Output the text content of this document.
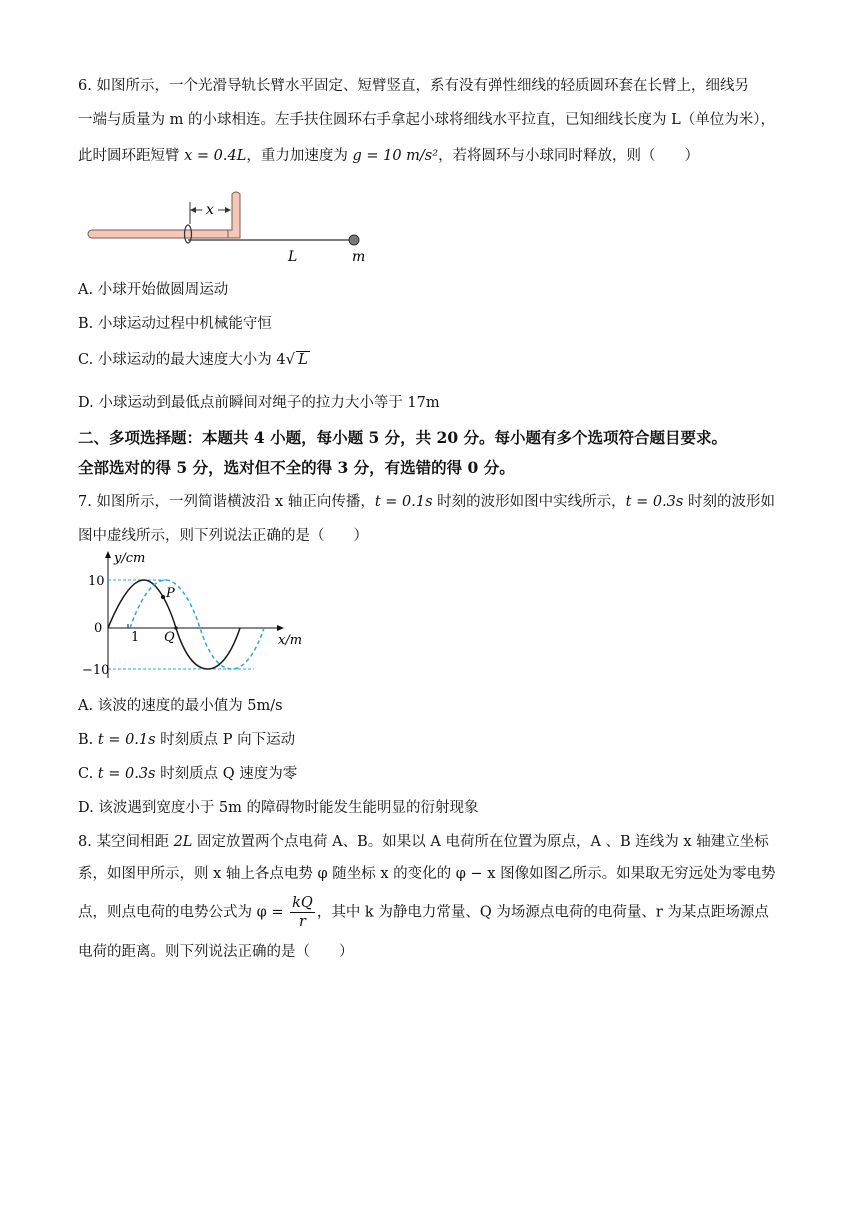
6. 如图所示，一个光滑导轨长臂水平固定、短臂竖直，系有没有弹性细线的轻质圆环套在长臂上，细线另
一端与质量为 m 的小球相连。左手扶住圆环右手拿起小球将细线水平拉直，已知细线长度为 L（单位为米），
此时圆环距短臂 x = 0.4L，重力加速度为 g = 10 m/s²，若将圆环与小球同时释放，则（　　）
x
L	m
A. 小球开始做圆周运动
B. 小球运动过程中机械能守恒
C. 小球运动的最大速度大小为 4√ L
D. 小球运动到最低点前瞬间对绳子的拉力大小等于 17m
二、多项选择题：本题共 4 小题，每小题 5 分，共 20 分。每小题有多个选项符合题目要求。
全部选对的得 5 分，选对但不全的得 3 分，有选错的得 0 分。
7. 如图所示，一列简谐横波沿 x 轴正向传播，t = 0.1s 时刻的波形如图中实线所示，t = 0.3s 时刻的波形如
图中虚线所示，则下列说法正确的是（　　）
y/cm
x/m
10
0
−10
1
P
Q
A. 该波的速度的最小值为 5m/s
B. t = 0.1s 时刻质点 P 向下运动
C. t = 0.3s 时刻质点 Q 速度为零
D. 该波遇到宽度小于 5m 的障碍物时能发生能明显的衍射现象
8. 某空间相距 2L 固定放置两个点电荷 A、B。如果以 A 电荷所在位置为原点，A 、B 连线为 x 轴建立坐标
系，如图甲所示，则 x 轴上各点电势 φ 随坐标 x 的变化的 φ − x 图像如图乙所示。如果取无穷远处为零电势
点，则点电荷的电势公式为 $\varphi = \frac{kQ}{r}$ ，其中 k 为静电力常量、Q 为场源点电荷的电荷量、r 为某点距场源点
电荷的距离。则下列说法正确的是（　　）
